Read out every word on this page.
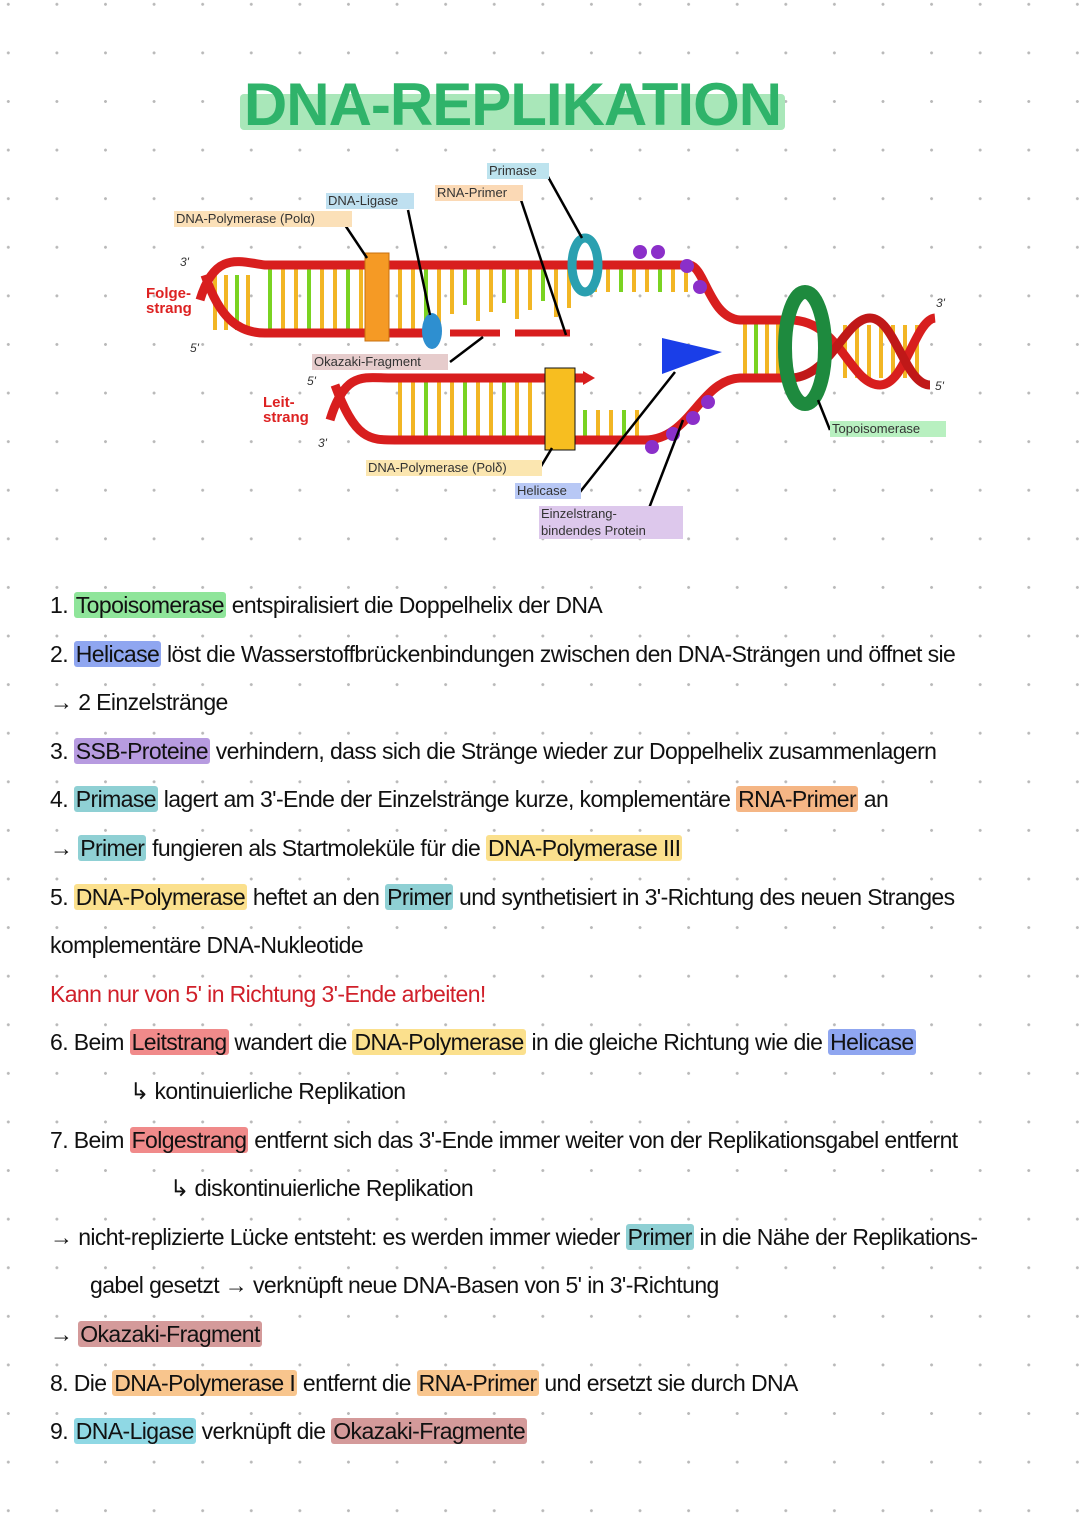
DNA-REPLIKATION
Primase
RNA-Primer
DNA-Ligase
DNA-Polymerase (Polα)
3'
Folge-
strang
5'
Okazaki-Fragment
5'
Leit-
strang
3'
DNA-Polymerase (Polδ)
Helicase
Einzelstrang-
bindendes Protein
Topoisomerase
3'
5'
1. Topoisomerase entspiralisiert die Doppelhelix der DNA
2. Helicase löst die Wasserstoffbrückenbindungen zwischen den DNA-Strängen und öffnet sie
→ 2 Einzelstränge
3. SSB-Proteine verhindern, dass sich die Stränge wieder zur Doppelhelix zusammenlagern
4. Primase lagert am 3'-Ende der Einzelstränge kurze, komplementäre RNA-Primer an
→ Primer fungieren als Startmoleküle für die DNA-Polymerase III
5. DNA-Polymerase heftet an den Primer und synthetisiert in 3'-Richtung des neuen Stranges
komplementäre DNA-Nukleotide
Kann nur von 5' in Richtung 3'-Ende arbeiten!
6. Beim Leitstrang wandert die DNA-Polymerase in die gleiche Richtung wie die Helicase
↳ kontinuierliche Replikation
7. Beim Folgestrang entfernt sich das 3'-Ende immer weiter von der Replikationsgabel entfernt
↳ diskontinuierliche Replikation
→ nicht-replizierte Lücke entsteht: es werden immer wieder Primer in die Nähe der Replikations-
gabel gesetzt → verknüpft neue DNA-Basen von 5' in 3'-Richtung
→ Okazaki-Fragment
8. Die DNA-Polymerase I entfernt die RNA-Primer und ersetzt sie durch DNA
9. DNA-Ligase verknüpft die Okazaki-Fragmente
